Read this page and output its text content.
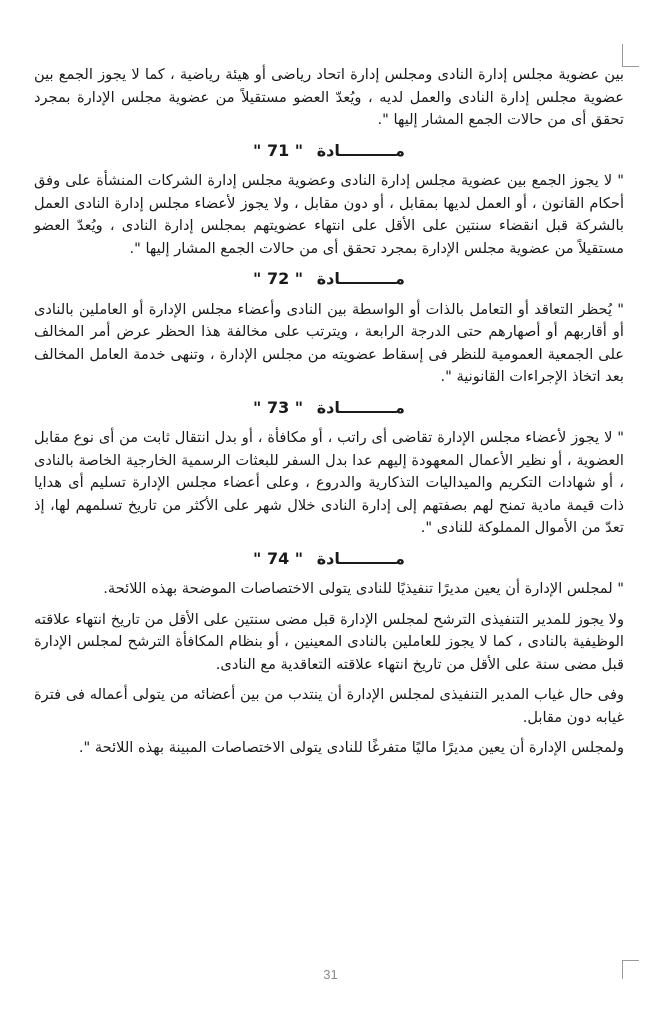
بين عضوية مجلس إدارة النادى ومجلس إدارة اتحاد رياضى أو هيئة رياضية ، كما لا يجوز الجمع بين عضوية مجلس إدارة النادى والعمل لديه ، ويُعدّ العضو مستقيلاً من عضوية مجلس الإدارة بمجرد تحقق أى من حالات الجمع المشار إليها ".

مــــــــــادة " 71 "

" لا يجوز الجمع بين عضوية مجلس إدارة النادى وعضوية مجلس إدارة الشركات المنشأة على وفق أحكام القانون ، أو العمل لديها بمقابل ، أو دون مقابل ، ولا يجوز لأعضاء مجلس إدارة النادى العمل بالشركة قبل انقضاء سنتين على الأقل على انتهاء عضويتهم بمجلس إدارة النادى ، ويُعدّ العضو مستقيلاً من عضوية مجلس الإدارة بمجرد تحقق أى من حالات الجمع المشار إليها ".

مــــــــــادة " 72 "

" يُحظر التعاقد أو التعامل بالذات أو الواسطة بين النادى وأعضاء مجلس الإدارة أو العاملين بالنادى أو أقاربهم أو أصهارهم حتى الدرجة الرابعة ، ويترتب على مخالفة هذا الحظر عرض أمر المخالف على الجمعية العمومية للنظر فى إسقاط عضويته من مجلس الإدارة ، وتنهى خدمة العامل المخالف بعد اتخاذ الإجراءات القانونية ".

مــــــــــادة " 73 "

" لا يجوز لأعضاء مجلس الإدارة تقاضى أى راتب ، أو مكافأة ، أو بدل انتقال ثابت من أى نوع مقابل العضوية ، أو نظير الأعمال المعهودة إليهم عدا بدل السفر للبعثات الرسمية الخارجية الخاصة بالنادى ، أو شهادات التكريم والميداليات التذكارية والدروع ، وعلى أعضاء مجلس الإدارة تسليم أى هدايا ذات قيمة مادية تمنح لهم بصفتهم إلى إدارة النادى خلال شهر على الأكثر من تاريخ تسلمهم لها، إذ تعدّ من الأموال المملوكة للنادى ".

مــــــــــادة " 74 "

" لمجلس الإدارة أن يعين مديرًا تنفيذيًا للنادى يتولى الاختصاصات الموضحة بهذه اللائحة.

ولا يجوز للمدير التنفيذى الترشح لمجلس الإدارة قبل مضى سنتين على الأقل من تاريخ انتهاء علاقته الوظيفية بالنادى ، كما لا يجوز للعاملين بالنادى المعينين ، أو بنظام المكافأة الترشح لمجلس الإدارة قبل مضى سنة على الأقل من تاريخ انتهاء علاقته التعاقدية مع النادى.

وفى حال غياب المدير التنفيذى لمجلس الإدارة أن ينتدب من بين أعضائه من يتولى أعماله فى فترة غيابه دون مقابل.

ولمجلس الإدارة أن يعين مديرًا ماليًا متفرغًا للنادى يتولى الاختصاصات المبينة بهذه اللائحة ".

31
